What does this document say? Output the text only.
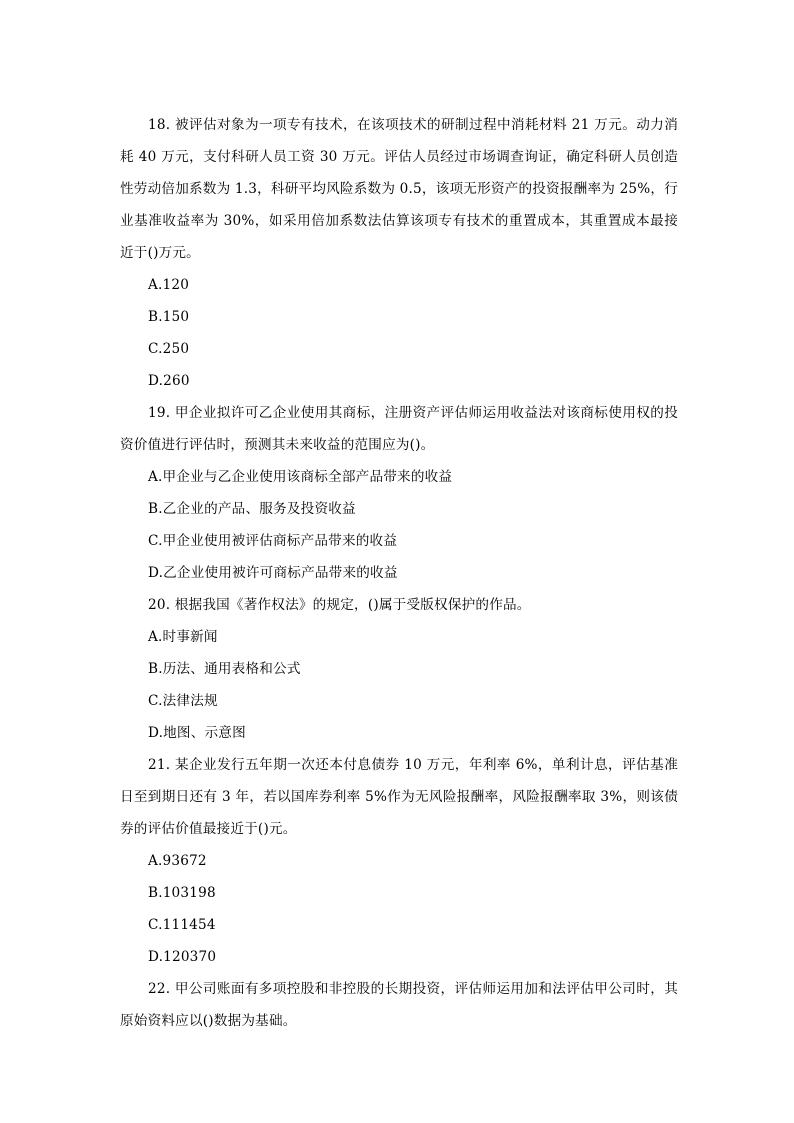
18. 被评估对象为一项专有技术，在该项技术的研制过程中消耗材料 21 万元。动力消耗 40 万元，支付科研人员工资 30 万元。评估人员经过市场调查询证，确定科研人员创造性劳动倍加系数为 1.3，科研平均风险系数为 0.5，该项无形资产的投资报酬率为 25%，行业基准收益率为 30%，如采用倍加系数法估算该项专有技术的重置成本，其重置成本最接近于()万元。

A.120

B.150

C.250

D.260

19. 甲企业拟许可乙企业使用其商标，注册资产评估师运用收益法对该商标使用权的投资价值进行评估时，预测其未来收益的范围应为()。

A.甲企业与乙企业使用该商标全部产品带来的收益

B.乙企业的产品、服务及投资收益

C.甲企业使用被评估商标产品带来的收益

D.乙企业使用被许可商标产品带来的收益

20. 根据我国《著作权法》的规定，()属于受版权保护的作品。

A.时事新闻

B.历法、通用表格和公式

C.法律法规

D.地图、示意图

21. 某企业发行五年期一次还本付息债券 10 万元，年利率 6%，单利计息，评估基准日至到期日还有 3 年，若以国库券利率 5%作为无风险报酬率，风险报酬率取 3%，则该债券的评估价值最接近于()元。

A.93672

B.103198

C.111454

D.120370

22. 甲公司账面有多项控股和非控股的长期投资，评估师运用加和法评估甲公司时，其原始资料应以()数据为基础。
